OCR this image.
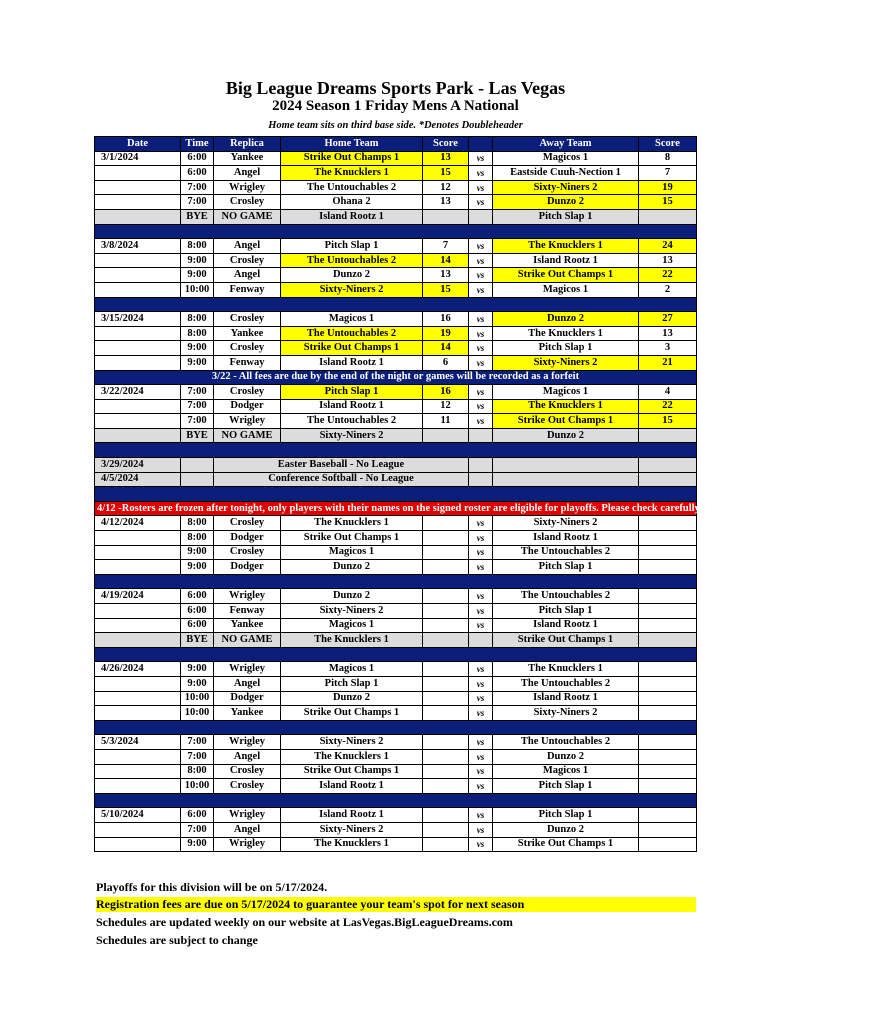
Big League Dreams Sports Park - Las Vegas
2024 Season 1 Friday Mens A National
Home team sits on third base side. *Denotes Doubleheader
Date	Time	Replica	Home Team	Score		Away Team	Score
3/1/2024	6:00	Yankee	Strike Out Champs 1	13	vs	Magicos 1	8
	6:00	Angel	The Knucklers 1	15	vs	Eastside Cuuh-Nection 1	7
	7:00	Wrigley	The Untouchables 2	12	vs	Sixty-Niners 2	19
	7:00	Crosley	Ohana 2	13	vs	Dunzo 2	15
	BYE	NO GAME	Island Rootz 1			Pitch Slap 1	

3/8/2024	8:00	Angel	Pitch Slap 1	7	vs	The Knucklers 1	24
	9:00	Crosley	The Untouchables 2	14	vs	Island Rootz 1	13
	9:00	Angel	Dunzo 2	13	vs	Strike Out Champs 1	22
	10:00	Fenway	Sixty-Niners 2	15	vs	Magicos 1	2

3/15/2024	8:00	Crosley	Magicos 1	16	vs	Dunzo 2	27
	8:00	Yankee	The Untouchables 2	19	vs	The Knucklers 1	13
	9:00	Crosley	Strike Out Champs 1	14	vs	Pitch Slap 1	3
	9:00	Fenway	Island Rootz 1	6	vs	Sixty-Niners 2	21
3/22 - All fees are due by the end of the night or games will be recorded as a forfeit							
3/22/2024	7:00	Crosley	Pitch Slap 1	16	vs	Magicos 1	4
	7:00	Dodger	Island Rootz 1	12	vs	The Knucklers 1	22
	7:00	Wrigley	The Untouchables 2	11	vs	Strike Out Champs 1	15
	BYE	NO GAME	Sixty-Niners 2			Dunzo 2	

3/29/2024		Easter Baseball - No League					
4/5/2024		Conference Softball - No League					

4/12 -Rosters are frozen after tonight, only players with their names on the signed roster are eligible for playoffs. Please check carefully as changes will not be made for omissions.							
4/12/2024	8:00	Crosley	The Knucklers 1		vs	Sixty-Niners 2	
	8:00	Dodger	Strike Out Champs 1		vs	Island Rootz 1	
	9:00	Crosley	Magicos 1		vs	The Untouchables 2	
	9:00	Dodger	Dunzo 2		vs	Pitch Slap 1	

4/19/2024	6:00	Wrigley	Dunzo 2		vs	The Untouchables 2	
	6:00	Fenway	Sixty-Niners 2		vs	Pitch Slap 1	
	6:00	Yankee	Magicos 1		vs	Island Rootz 1	
	BYE	NO GAME	The Knucklers 1			Strike Out Champs 1	

4/26/2024	9:00	Wrigley	Magicos 1		vs	The Knucklers 1	
	9:00	Angel	Pitch Slap 1		vs	The Untouchables 2	
	10:00	Dodger	Dunzo 2		vs	Island Rootz 1	
	10:00	Yankee	Strike Out Champs 1		vs	Sixty-Niners 2	

5/3/2024	7:00	Wrigley	Sixty-Niners 2		vs	The Untouchables 2	
	7:00	Angel	The Knucklers 1		vs	Dunzo 2	
	8:00	Crosley	Strike Out Champs 1		vs	Magicos 1	
	10:00	Crosley	Island Rootz 1		vs	Pitch Slap 1	

5/10/2024	6:00	Wrigley	Island Rootz 1		vs	Pitch Slap 1	
	7:00	Angel	Sixty-Niners 2		vs	Dunzo 2	
	9:00	Wrigley	The Knucklers 1		vs	Strike Out Champs 1	
Playoffs for this division will be on 5/17/2024.
Registration fees are due on 5/17/2024 to guarantee your team's spot for next season
Schedules are updated weekly on our website at LasVegas.BigLeagueDreams.com
Schedules are subject to change
